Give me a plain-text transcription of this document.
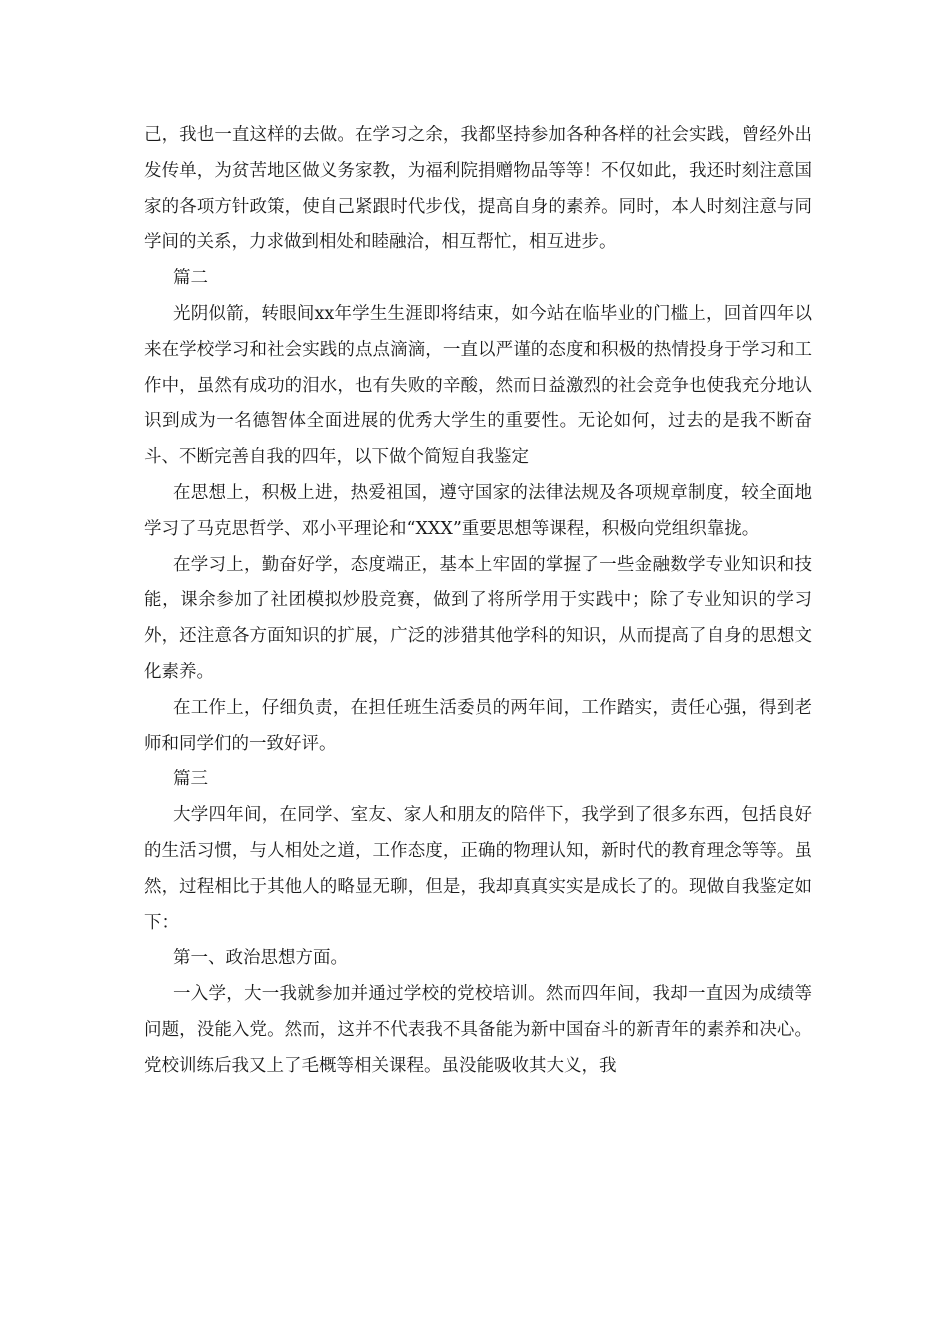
己，我也一直这样的去做。在学习之余，我都坚持参加各种各样的社会实践，曾经外出发传单，为贫苦地区做义务家教，为福利院捐赠物品等等！不仅如此，我还时刻注意国家的各项方针政策，使自己紧跟时代步伐，提高自身的素养。同时，本人时刻注意与同学间的关系，力求做到相处和睦融洽，相互帮忙，相互进步。

篇二

光阴似箭，转眼间xx年学生生涯即将结束，如今站在临毕业的门槛上，回首四年以来在学校学习和社会实践的点点滴滴，一直以严谨的态度和积极的热情投身于学习和工作中，虽然有成功的泪水，也有失败的辛酸，然而日益激烈的社会竞争也使我充分地认识到成为一名德智体全面进展的优秀大学生的重要性。无论如何，过去的是我不断奋斗、不断完善自我的四年，以下做个简短自我鉴定

在思想上，积极上进，热爱祖国，遵守国家的法律法规及各项规章制度，较全面地学习了马克思哲学、邓小平理论和“XXX”重要思想等课程，积极向党组织靠拢。

在学习上，勤奋好学，态度端正，基本上牢固的掌握了一些金融数学专业知识和技能，课余参加了社团模拟炒股竞赛，做到了将所学用于实践中；除了专业知识的学习外，还注意各方面知识的扩展，广泛的涉猎其他学科的知识，从而提高了自身的思想文化素养。

在工作上，仔细负责，在担任班生活委员的两年间，工作踏实，责任心强，得到老师和同学们的一致好评。

篇三

大学四年间，在同学、室友、家人和朋友的陪伴下，我学到了很多东西，包括良好的生活习惯，与人相处之道，工作态度，正确的物理认知，新时代的教育理念等等。虽然，过程相比于其他人的略显无聊，但是，我却真真实实是成长了的。现做自我鉴定如下：

第一、政治思想方面。

一入学，大一我就参加并通过学校的党校培训。然而四年间，我却一直因为成绩等问题，没能入党。然而，这并不代表我不具备能为新中国奋斗的新青年的素养和决心。党校训练后我又上了毛概等相关课程。虽没能吸收其大义，我
